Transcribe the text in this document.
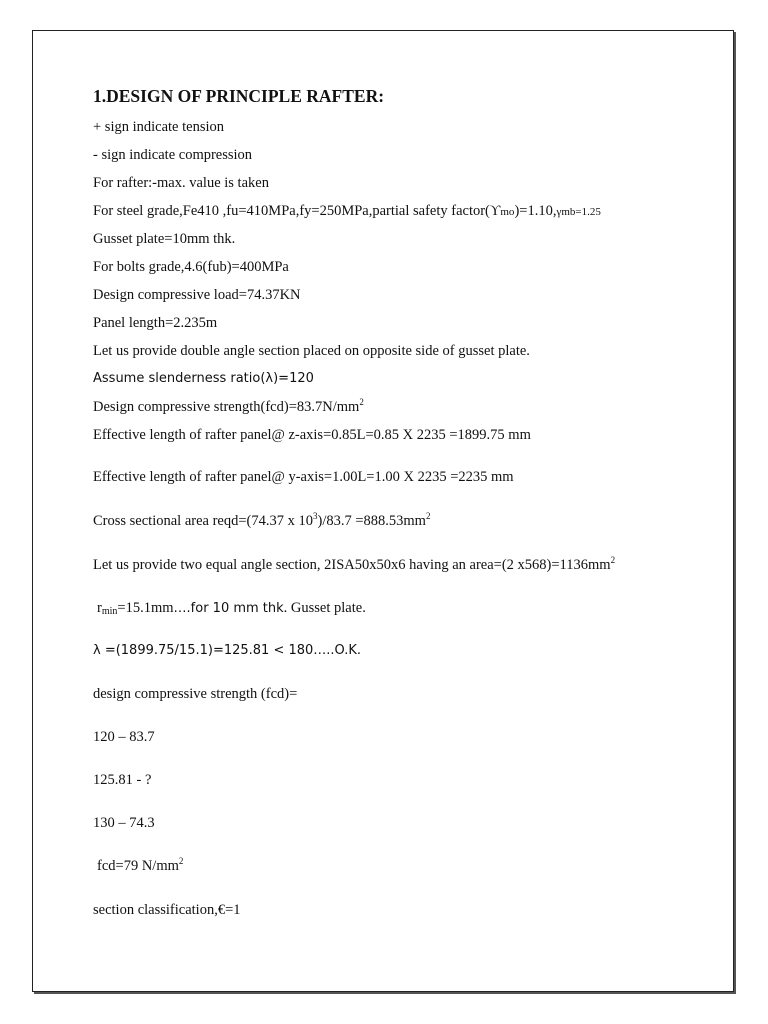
1.DESIGN OF PRINCIPLE RAFTER:
+ sign indicate tension
- sign indicate compression
For rafter:-max. value is taken
For steel grade,Fe410 ,fu=410MPa,fy=250MPa,partial safety factor(ϒmo)=1.10,γmb=1.25
Gusset plate=10mm thk.
For bolts grade,4.6(fub)=400MPa
Design compressive load=74.37KN
Panel length=2.235m
Let us provide double angle section placed on opposite side of gusset plate.
Assume slenderness ratio(λ)=120
Design compressive $strength(fcd)=83.7N/mm^2$
Effective length of rafter panel@ z-axis=0.85L=0.85 X 2235 =1899.75 mm
Effective length of rafter panel@ y-axis=1.00L=1.00 X 2235 =2235 mm
Cross sectional area reqd=(74.37 x $10^3)/83.7 =888.53mm^2$
Let us provide two equal angle section, 2ISA50x50x6 having an area=(2 $x568)=1136mm^2$
$r_{min}=15.1mm\dots.for$ 10 mm thk. Gusset plate.
λ =(1899.75/15.1)=125.81 < 180…..O.K.
design compressive strength (fcd)=
120 – 83.7
125.81 - ?
130 – 74.3
fcd=79 $N/mm^2$
section classification,€=1
